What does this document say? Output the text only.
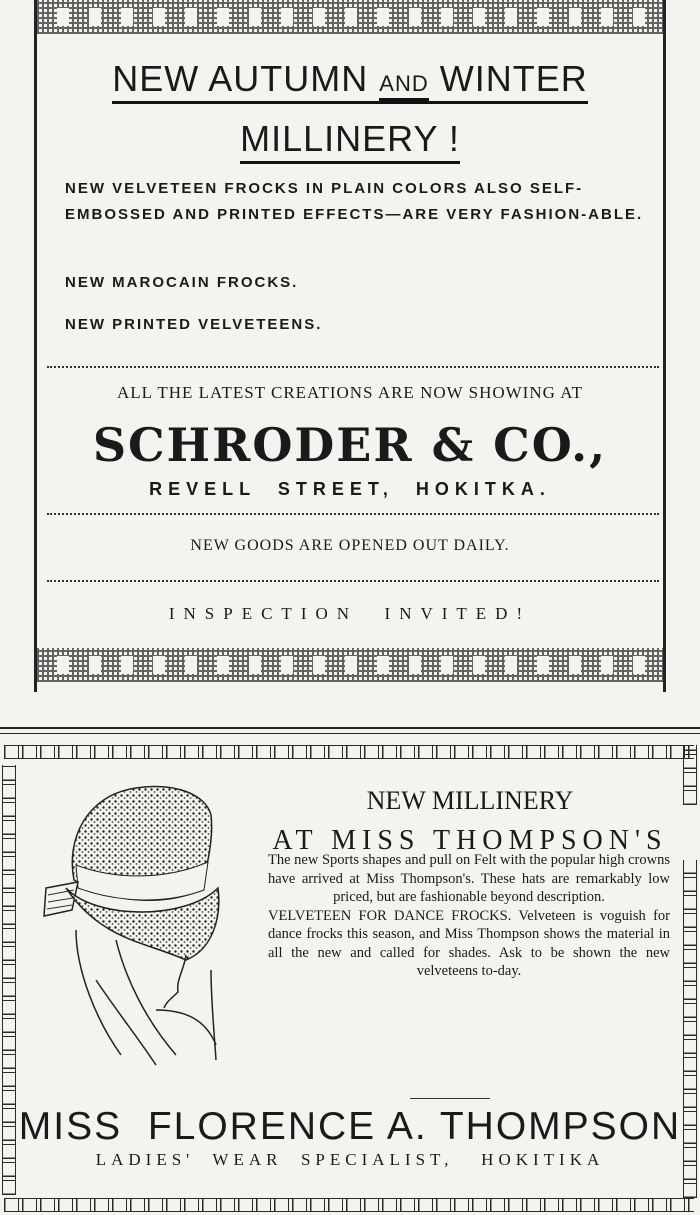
NEW AUTUMN AND WINTER
MILLINERY !
NEW VELVETEEN FROCKS IN PLAIN COLORS ALSO SELF-EMBOSSED AND PRINTED EFFECTS—ARE VERY FASHION-ABLE.
NEW MAROCAIN FROCKS.
NEW PRINTED VELVETEENS.
ALL THE LATEST CREATIONS ARE NOW SHOWING AT
SCHRODER & CO.,
REVELL  STREET,  HOKITKA.
NEW GOODS ARE OPENED OUT DAILY.
INSPECTION  INVITED!
NEW MILLINERY
AT MISS THOMPSON'S

The new Sports shapes and pull on Felt with the popular high crowns have arrived at Miss Thompson's. These hats are remarkably low priced, but are fashionable beyond description.

VELVETEEN FOR DANCE FROCKS. Velveteen is voguish for dance frocks this season, and Miss Thompson shows the material in all the new and called for shades. Ask to be shown the new velveteens to-day.

MISS  FLORENCE A. THOMPSON
LADIES'  WEAR  SPECIALIST,   HOKITIKA
